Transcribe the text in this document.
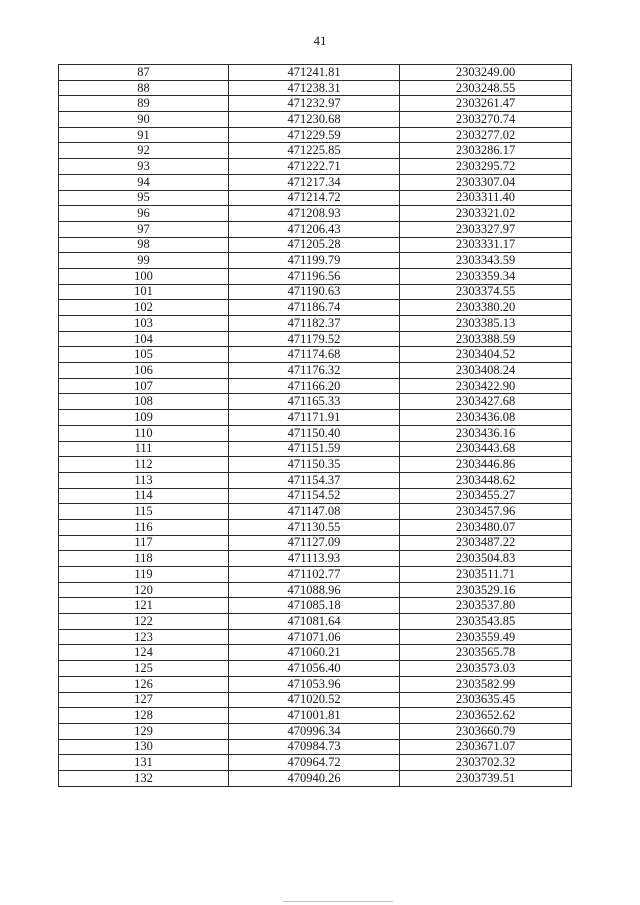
41
87	471241.81	2303249.00
88	471238.31	2303248.55
89	471232.97	2303261.47
90	471230.68	2303270.74
91	471229.59	2303277.02
92	471225.85	2303286.17
93	471222.71	2303295.72
94	471217.34	2303307.04
95	471214.72	2303311.40
96	471208.93	2303321.02
97	471206.43	2303327.97
98	471205.28	2303331.17
99	471199.79	2303343.59
100	471196.56	2303359.34
101	471190.63	2303374.55
102	471186.74	2303380.20
103	471182.37	2303385.13
104	471179.52	2303388.59
105	471174.68	2303404.52
106	471176.32	2303408.24
107	471166.20	2303422.90
108	471165.33	2303427.68
109	471171.91	2303436.08
110	471150.40	2303436.16
111	471151.59	2303443.68
112	471150.35	2303446.86
113	471154.37	2303448.62
114	471154.52	2303455.27
115	471147.08	2303457.96
116	471130.55	2303480.07
117	471127.09	2303487.22
118	471113.93	2303504.83
119	471102.77	2303511.71
120	471088.96	2303529.16
121	471085.18	2303537.80
122	471081.64	2303543.85
123	471071.06	2303559.49
124	471060.21	2303565.78
125	471056.40	2303573.03
126	471053.96	2303582.99
127	471020.52	2303635.45
128	471001.81	2303652.62
129	470996.34	2303660.79
130	470984.73	2303671.07
131	470964.72	2303702.32
132	470940.26	2303739.51
